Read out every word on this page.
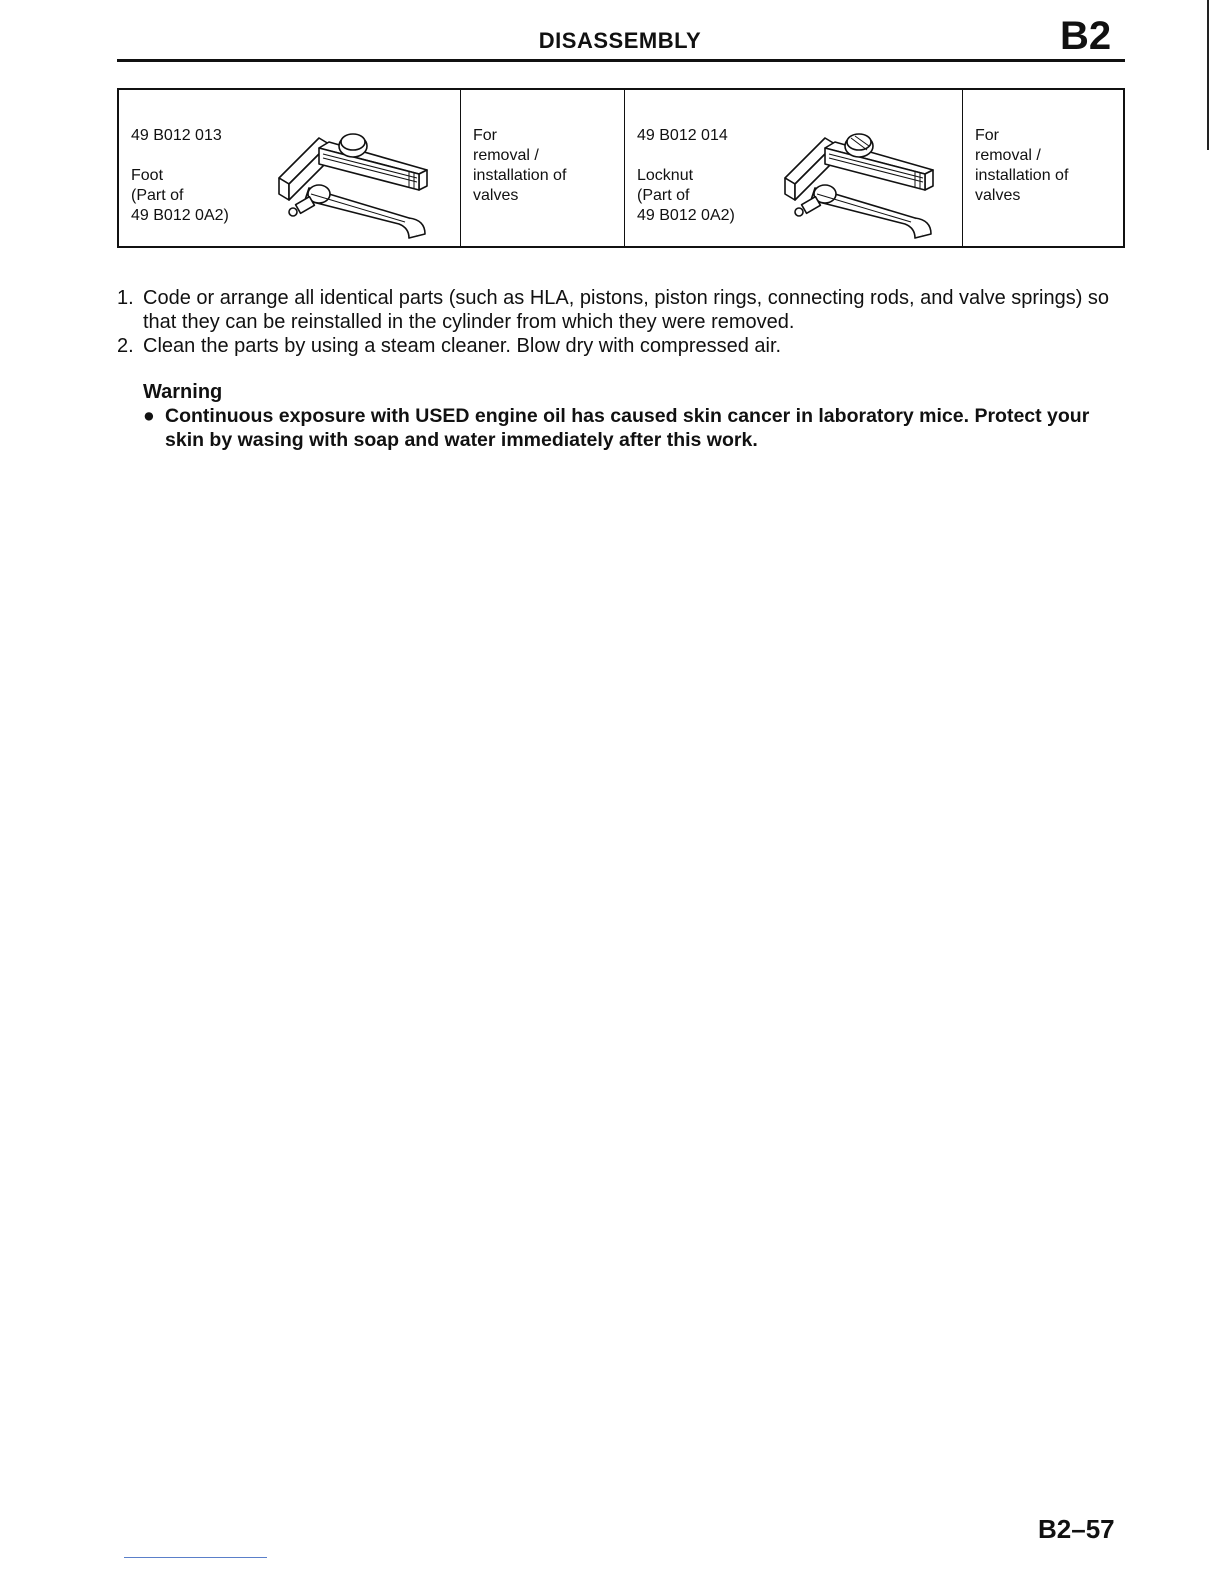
DISASSEMBLY	B2
49 B012 013
Foot
(Part of
49 B012 0A2)
For
removal /
installation of
valves
49 B012 014
Locknut
(Part of
49 B012 0A2)
For
removal /
installation of
valves
1. Code or arrange all identical parts (such as HLA, pistons, piston rings, connecting rods, and valve springs) so that they can be reinstalled in the cylinder from which they were removed.
2. Clean the parts by using a steam cleaner. Blow dry with compressed air.
Warning
● Continuous exposure with USED engine oil has caused skin cancer in laboratory mice. Protect your skin by wasing with soap and water immediately after this work.
B2–57
